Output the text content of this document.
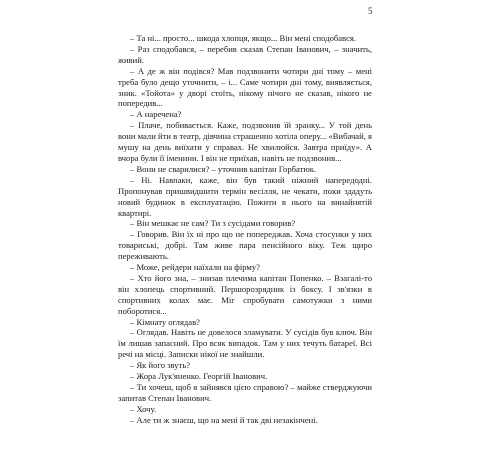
5

– Та ні... просто... шкода хлопця, якщо... Він мені сподобався.

– Раз сподобався, – перебив сказав Степан Іванович, – значить, живий.

– А де ж він подівся? Мав подзвонити чотири дні тому – мені треба було дещо уточнити, – і... Саме чотири дні тому, виявляється, зник. «Тойота» у дворі стоїть, нікому нічого не сказав, нікого не попередив...

– А наречена?

– Плаче, побивається. Каже, подзвонив їй зранку... У той день вони мали йти в театр, дівчина страшенно хотіла оперу... «Вибачай, я мушу на день виїхати у справах. Не хвилюйся. Завтра приїду». А вчора були її іменини. І він не приїхав, навіть не подзвонив...

– Вони не сварилися? – уточнив капітан Горбатюк.

– Ні. Навпаки, каже, він був такий ніжний напередодні. Пропонував пришвидшити термін весілля, не чекати, поки здадуть новий будинок в експлуатацію. Пожити в нього на винайнятій квартирі.

– Він мешкає не сам? Ти з сусідами говорив?

– Говорив. Він їх ні про що не попереджав. Хоча стосунки у них товариські, добрі. Там живе пара пенсійного віку. Теж щиро переживають.

– Може, рейдери наїхали на фірму?

– Хто його зна, – знизав плечима капітан Попенко. – Взагалі-то він хлопець спортивний. Першорозрядник із боксу. І зв'язки в спортивних колах має. Міг спробувати самотужки з ними поборотися...

– Кімнату оглядав?

– Оглядав. Навіть не довелося зламувати. У сусідів був ключ. Він їм лишав запасний. Про всяк випадок. Там у них течуть батареї. Всі речі на місці. Записки нікої не знайшли.

– Як його звуть?

– Жора Лук'яненко. Георгій Іванович.

– Ти хочеш, щоб я зайнявся цією справою? – майже стверджуючи запитав Степан Іванович.

– Хочу.

– Але ти ж знаєш, що на мені й так дві незакінчені.
